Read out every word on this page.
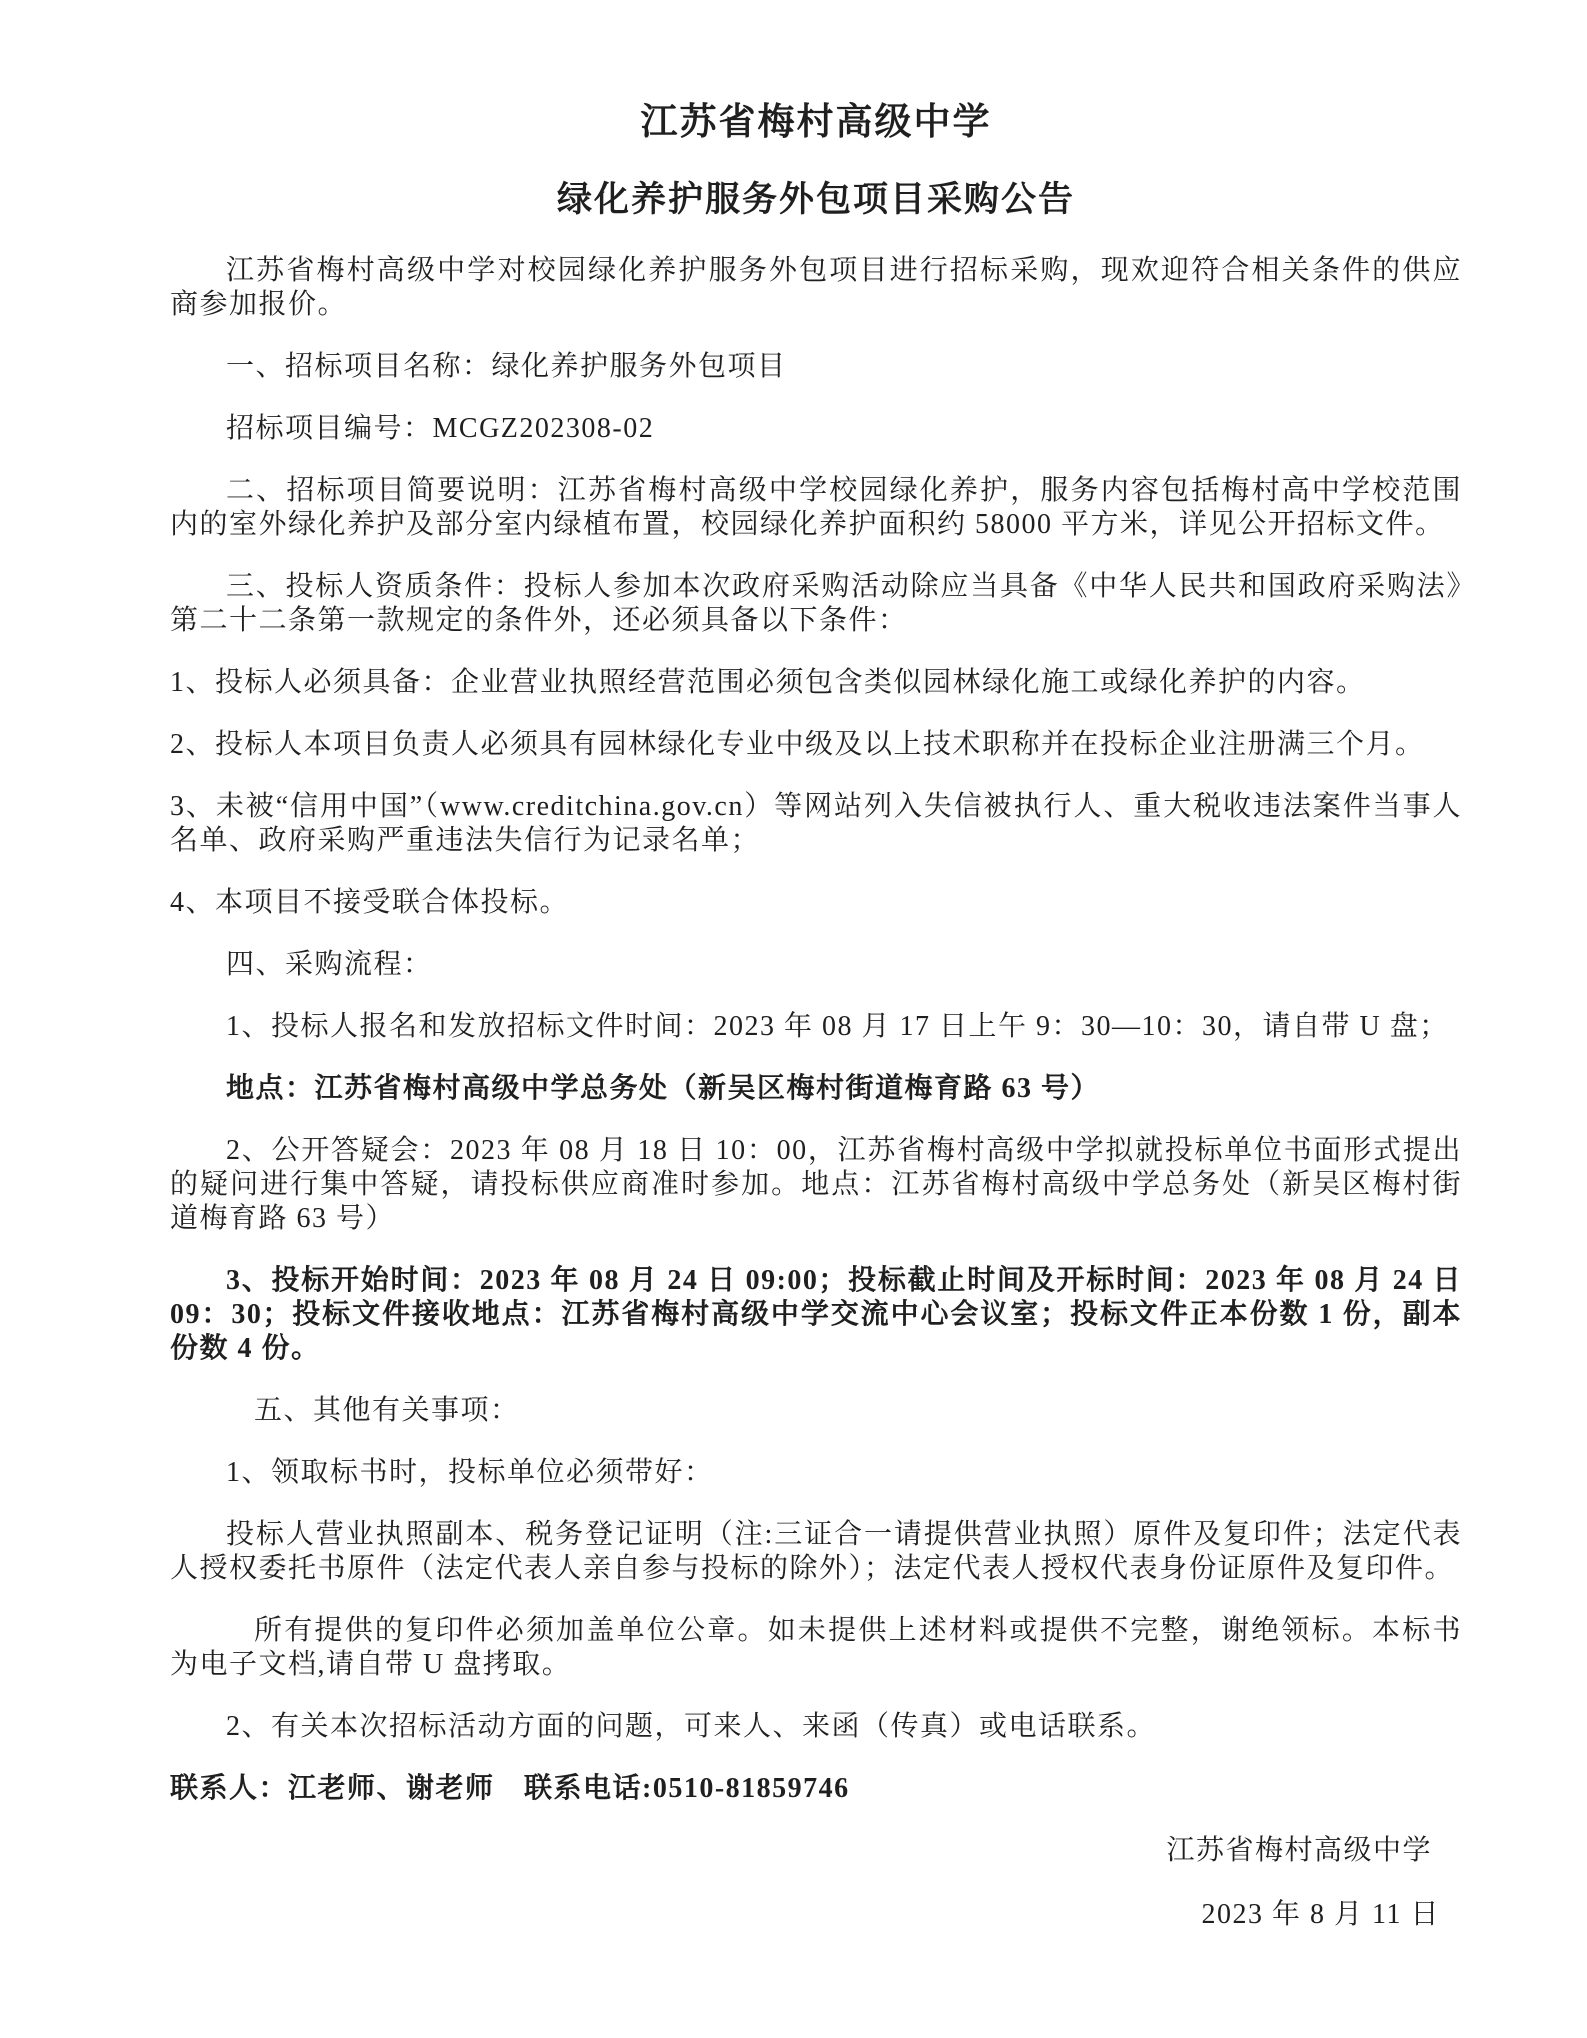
江苏省梅村高级中学
绿化养护服务外包项目采购公告

江苏省梅村高级中学对校园绿化养护服务外包项目进行招标采购，现欢迎符合相关条件的供应商参加报价。

一、招标项目名称：绿化养护服务外包项目

招标项目编号：MCGZ202308-02

二、招标项目简要说明：江苏省梅村高级中学校园绿化养护，服务内容包括梅村高中学校范围内的室外绿化养护及部分室内绿植布置，校园绿化养护面积约 58000 平方米，详见公开招标文件。

三、投标人资质条件：投标人参加本次政府采购活动除应当具备《中华人民共和国政府采购法》第二十二条第一款规定的条件外，还必须具备以下条件：

1、投标人必须具备：企业营业执照经营范围必须包含类似园林绿化施工或绿化养护的内容。

2、投标人本项目负责人必须具有园林绿化专业中级及以上技术职称并在投标企业注册满三个月。

3、未被“信用中国”（www.creditchina.gov.cn）等网站列入失信被执行人、重大税收违法案件当事人名单、政府采购严重违法失信行为记录名单；

4、本项目不接受联合体投标。

四、采购流程：

1、投标人报名和发放招标文件时间：2023 年 08 月 17 日上午 9：30—10：30，请自带 U 盘；

地点：江苏省梅村高级中学总务处（新吴区梅村街道梅育路 63 号）

2、公开答疑会：2023 年 08 月 18 日 10：00，江苏省梅村高级中学拟就投标单位书面形式提出的疑问进行集中答疑，请投标供应商准时参加。地点：江苏省梅村高级中学总务处（新吴区梅村街道梅育路 63 号）

3、投标开始时间：2023 年 08 月 24 日 09:00；投标截止时间及开标时间：2023 年 08 月 24 日 09：30；投标文件接收地点：江苏省梅村高级中学交流中心会议室；投标文件正本份数 1 份，副本份数 4 份。

五、其他有关事项：

1、领取标书时，投标单位必须带好：

投标人营业执照副本、税务登记证明（注:三证合一请提供营业执照）原件及复印件；法定代表人授权委托书原件（法定代表人亲自参与投标的除外）；法定代表人授权代表身份证原件及复印件。

所有提供的复印件必须加盖单位公章。如未提供上述材料或提供不完整，谢绝领标。本标书为电子文档,请自带 U 盘拷取。

2、有关本次招标活动方面的问题，可来人、来函（传真）或电话联系。

联系人：江老师、谢老师　联系电话:0510-81859746

江苏省梅村高级中学

2023 年 8 月 11 日
